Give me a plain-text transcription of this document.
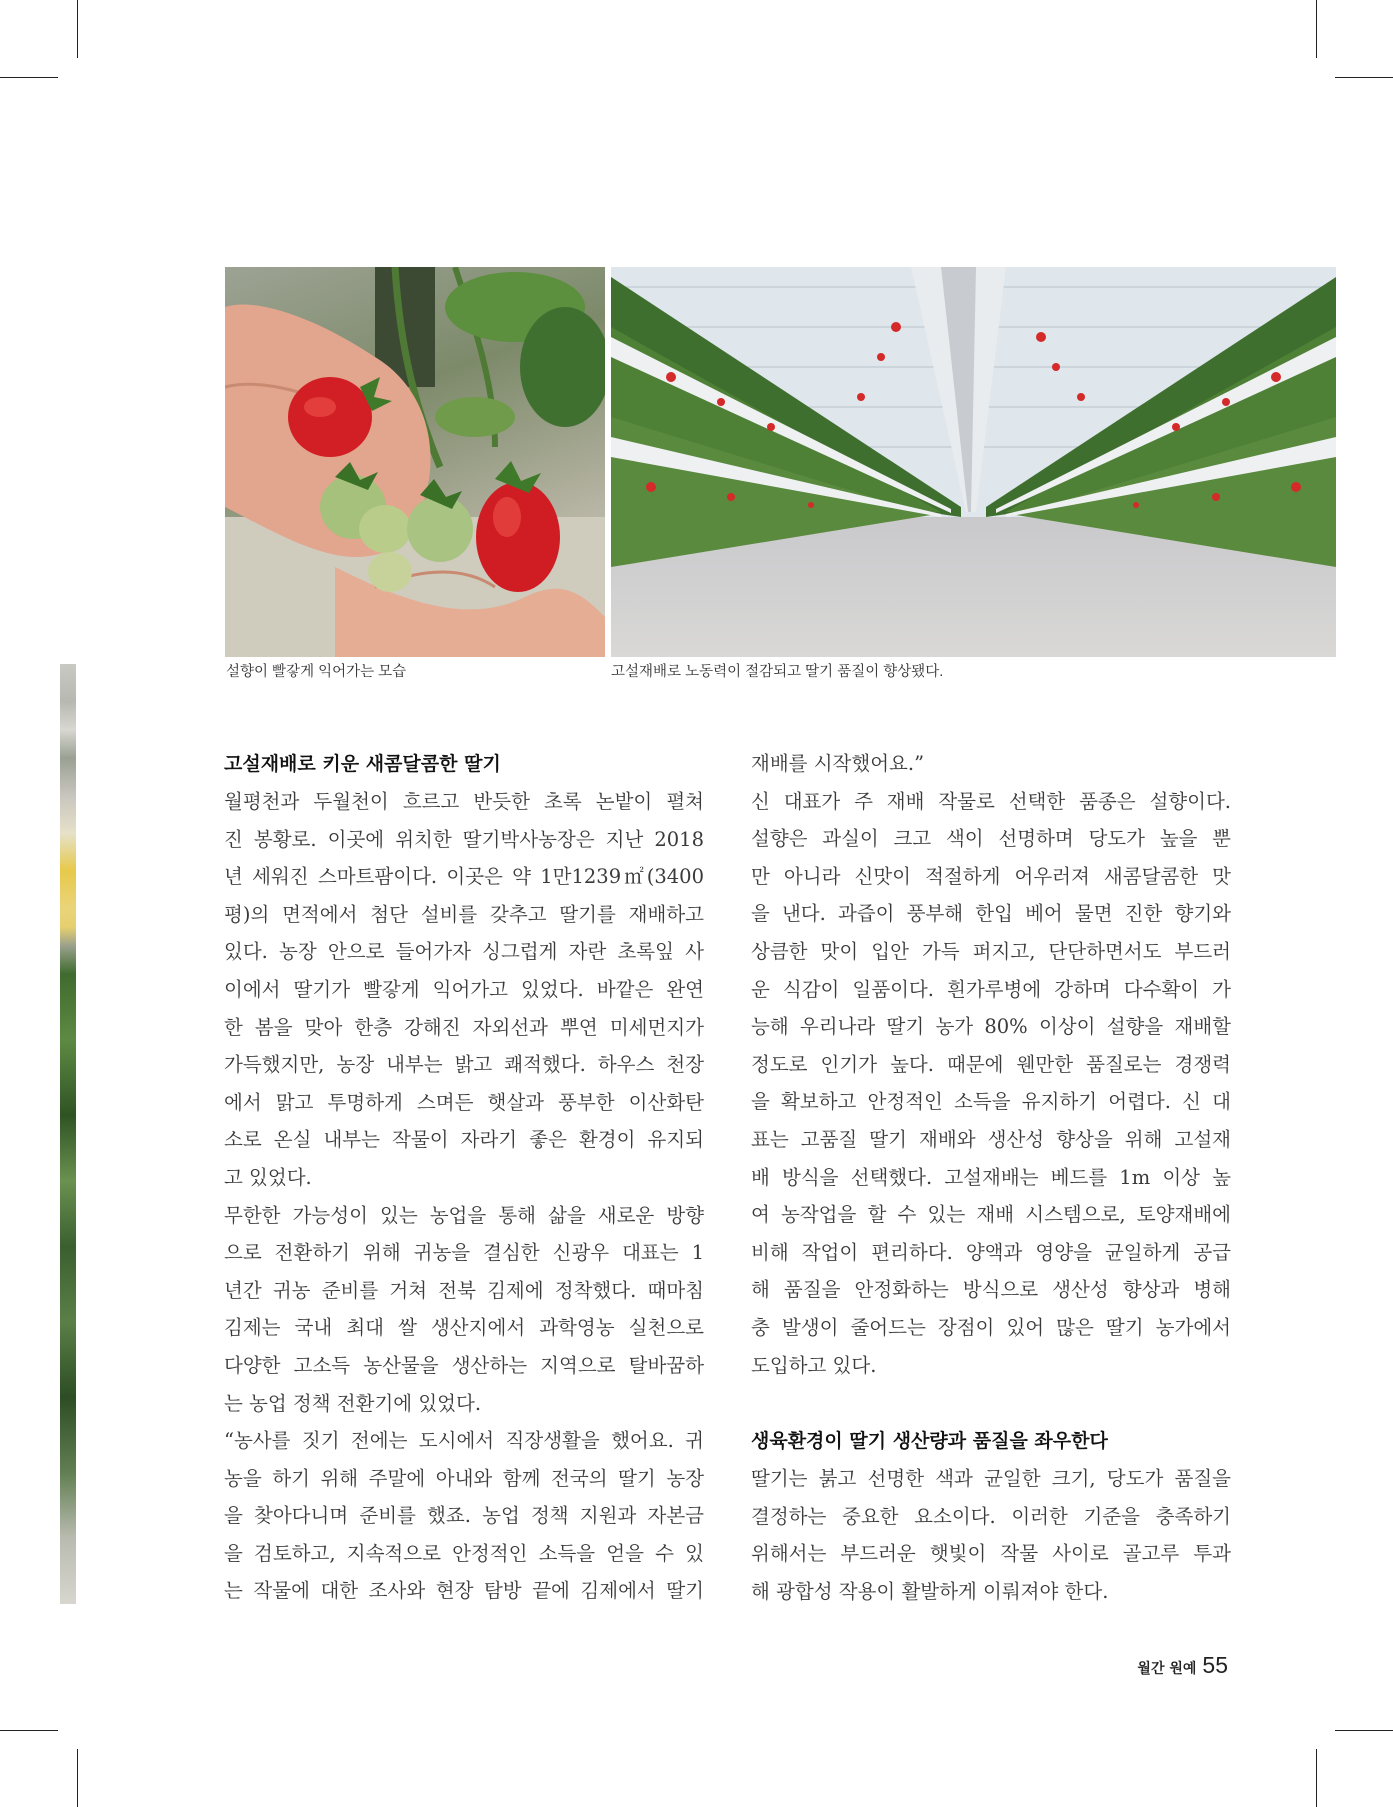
설향이 빨갛게 익어가는 모습	고설재배로 노동력이 절감되고 딸기 품질이 향상됐다.
고설재배로 키운 새콤달콤한 딸기
월평천과 두월천이 흐르고 반듯한 초록 논밭이 펼쳐
진 봉황로. 이곳에 위치한 딸기박사농장은 지난 2018
년 세워진 스마트팜이다. 이곳은 약 1만1239㎡(3400
평)의 면적에서 첨단 설비를 갖추고 딸기를 재배하고
있다. 농장 안으로 들어가자 싱그럽게 자란 초록잎 사
이에서 딸기가 빨갛게 익어가고 있었다. 바깥은 완연
한 봄을 맞아 한층 강해진 자외선과 뿌연 미세먼지가
가득했지만, 농장 내부는 밝고 쾌적했다. 하우스 천장
에서 맑고 투명하게 스며든 햇살과 풍부한 이산화탄
소로 온실 내부는 작물이 자라기 좋은 환경이 유지되
고 있었다.
무한한 가능성이 있는 농업을 통해 삶을 새로운 방향
으로 전환하기 위해 귀농을 결심한 신광우 대표는 1
년간 귀농 준비를 거쳐 전북 김제에 정착했다. 때마침
김제는 국내 최대 쌀 생산지에서 과학영농 실천으로
다양한 고소득 농산물을 생산하는 지역으로 탈바꿈하
는 농업 정책 전환기에 있었다.
“농사를 짓기 전에는 도시에서 직장생활을 했어요. 귀
농을 하기 위해 주말에 아내와 함께 전국의 딸기 농장
을 찾아다니며 준비를 했죠. 농업 정책 지원과 자본금
을 검토하고, 지속적으로 안정적인 소득을 얻을 수 있
는 작물에 대한 조사와 현장 탐방 끝에 김제에서 딸기
재배를 시작했어요.”
신 대표가 주 재배 작물로 선택한 품종은 설향이다.
설향은 과실이 크고 색이 선명하며 당도가 높을 뿐
만 아니라 신맛이 적절하게 어우러져 새콤달콤한 맛
을 낸다. 과즙이 풍부해 한입 베어 물면 진한 향기와
상큼한 맛이 입안 가득 퍼지고, 단단하면서도 부드러
운 식감이 일품이다. 흰가루병에 강하며 다수확이 가
능해 우리나라 딸기 농가 80% 이상이 설향을 재배할
정도로 인기가 높다. 때문에 웬만한 품질로는 경쟁력
을 확보하고 안정적인 소득을 유지하기 어렵다. 신 대
표는 고품질 딸기 재배와 생산성 향상을 위해 고설재
배 방식을 선택했다. 고설재배는 베드를 1m 이상 높
여 농작업을 할 수 있는 재배 시스템으로, 토양재배에
비해 작업이 편리하다. 양액과 영양을 균일하게 공급
해 품질을 안정화하는 방식으로 생산성 향상과 병해
충 발생이 줄어드는 장점이 있어 많은 딸기 농가에서
도입하고 있다.
생육환경이 딸기 생산량과 품질을 좌우한다
딸기는 붉고 선명한 색과 균일한 크기, 당도가 품질을
결정하는 중요한 요소이다. 이러한 기준을 충족하기
위해서는 부드러운 햇빛이 작물 사이로 골고루 투과
해 광합성 작용이 활발하게 이뤄져야 한다.
월간 원예 55
